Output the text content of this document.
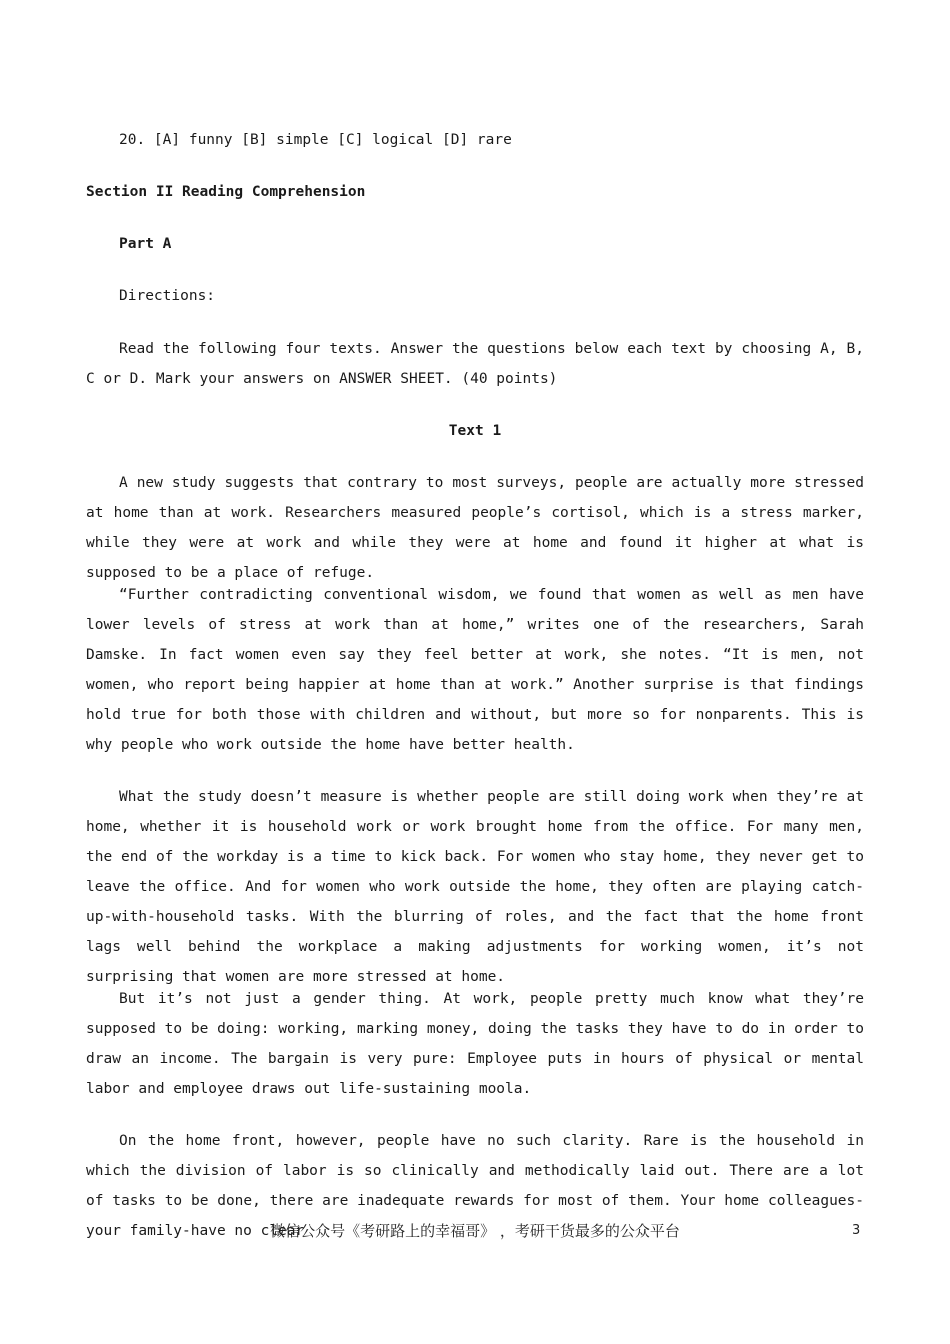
20. [A] funny [B] simple [C] logical [D] rare
Section II Reading Comprehension
Part A
Directions:
Read the following four texts. Answer the questions below each text by choosing A, B, C or D. Mark your answers on ANSWER SHEET. (40 points)
Text 1
A new study suggests that contrary to most surveys, people are actually more stressed at home than at work. Researchers measured people’s cortisol, which is a stress marker, while they were at work and while they were at home and found it higher at what is supposed to be a place of refuge.
“Further contradicting conventional wisdom, we found that women as well as men have lower levels of stress at work than at home,” writes one of the researchers, Sarah Damske. In fact women even say they feel better at work, she notes. “It is men, not women, who report being happier at home than at work.” Another surprise is that findings hold true for both those with children and without, but more so for nonparents. This is why people who work outside the home have better health.
What the study doesn’t measure is whether people are still doing work when they’re at home, whether it is household work or work brought home from the office. For many men, the end of the workday is a time to kick back. For women who stay home, they never get to leave the office. And for women who work outside the home, they often are playing catch-up-with-household tasks. With the blurring of roles, and the fact that the home front lags well behind the workplace a making adjustments for working women, it’s not surprising that women are more stressed at home.
But it’s not just a gender thing. At work, people pretty much know what they’re supposed to be doing: working, marking money, doing the tasks they have to do in order to draw an income. The bargain is very pure: Employee puts in hours of physical or mental labor and employee draws out life-sustaining moola.
On the home front, however, people have no such clarity. Rare is the household in which the division of labor is so clinically and methodically laid out. There are a lot of tasks to be done, there are inadequate rewards for most of them. Your home colleagues-your family-have no clear
微信公众号《考研路上的幸福哥》 ，考研干货最多的公众平台	3
